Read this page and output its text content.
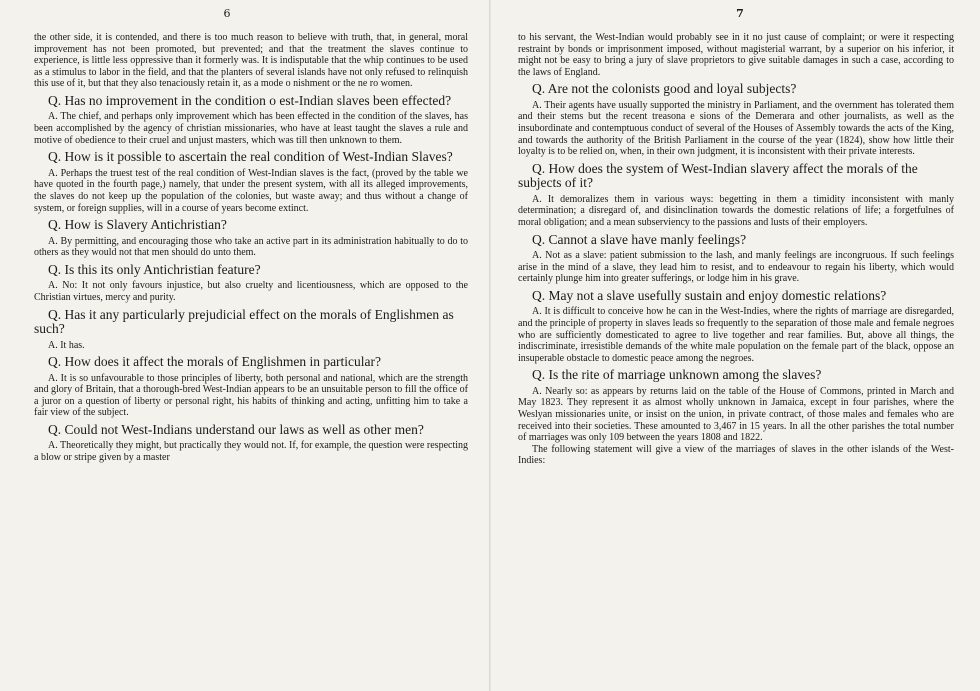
6

the other side, it is contended, and there is too much reason to believe with truth, that, in general, moral improvement has not been promoted, but prevented; and that the treatment the slaves continue to experience, is little less oppressive than it formerly was. It is indisputable that the whip continues to be used as a stimulus to labor in the field, and that the planters of several islands have not only refused to relinquish this use of it, but that they also tenaciously retain it, as a mode o nishment or the ne ro women.

Q. Has no improvement in the condition o est-Indian slaves been effected?

A. The chief, and perhaps only improvement which has been effected in the condition of the slaves, has been accomplished by the agency of christian missionaries, who have at least taught the slaves a rule and motive of obedience to their cruel and unjust masters, which was till then unknown to them.

Q. How is it possible to ascertain the real condition of West-Indian Slaves?

A. Perhaps the truest test of the real condition of West-Indian slaves is the fact, (proved by the table we have quoted in the fourth page,) namely, that under the present system, with all its alleged improvements, the slaves do not keep up the population of the colonies, but waste away; and thus without a change of system, or foreign supplies, will in a course of years become extinct.

Q. How is Slavery Antichristian?

A. By permitting, and encouraging those who take an active part in its administration habitually to do to others as they would not that men should do unto them.

Q. Is this its only Antichristian feature?

A. No: It not only favours injustice, but also cruelty and licentiousness, which are opposed to the Christian virtues, mercy and purity.

Q. Has it any particularly prejudicial effect on the morals of Englishmen as such?

A. It has.

Q. How does it affect the morals of Englishmen in particular?

A. It is so unfavourable to those principles of liberty, both personal and national, which are the strength and glory of Britain, that a thorough-bred West-Indian appears to be an unsuitable person to fill the office of a juror on a question of liberty or personal right, his habits of thinking and acting, unfitting him to take a fair view of the subject.

Q. Could not West-Indians understand our laws as well as other men?

A. Theoretically they might, but practically they would not. If, for example, the question were respecting a blow or stripe given by a master

7

to his servant, the West-Indian would probably see in it no just cause of complaint; or were it respecting restraint by bonds or imprisonment imposed, without magisterial warrant, by a superior on his inferior, it might not be easy to bring a jury of slave proprietors to give suitable damages in such a case, according to the laws of England.

Q. Are not the colonists good and loyal subjects?

A. Their agents have usually supported the ministry in Parliament, and the overnment has tolerated them and their stems but the recent treasona e sions of the Demerara and other journalists, as well as the insubordinate and contemptuous conduct of several of the Houses of Assembly towards the acts of the King, and towards the authority of the British Parliament in the course of the year (1824), show how little their loyalty is to be relied on, when, in their own judgment, it is inconsistent with their private interests.

Q. How does the system of West-Indian slavery affect the morals of the subjects of it?

A. It demoralizes them in various ways: begetting in them a timidity inconsistent with manly determination; a disregard of, and disinclination towards the domestic relations of life; a forgetfulnes of moral obligation; and a mean subserviency to the passions and lusts of their employers.

Q. Cannot a slave have manly feelings?

A. Not as a slave: patient submission to the lash, and manly feelings are incongruous. If such feelings arise in the mind of a slave, they lead him to resist, and to endeavour to regain his liberty, which would certainly plunge him into greater sufferings, or lodge him in his grave.

Q. May not a slave usefully sustain and enjoy domestic relations?

A. It is difficult to conceive how he can in the West-Indies, where the rights of marriage are disregarded, and the principle of property in slaves leads so frequently to the separation of those male and female negroes who are sufficiently domesticated to agree to live together and rear families. But, above all things, the indiscriminate, irresistible demands of the white male population on the female part of the black, oppose an insuperable obstacle to domestic peace among the negroes.

Q. Is the rite of marriage unknown among the slaves?

A. Nearly so: as appears by returns laid on the table of the House of Commons, printed in March and May 1823. They represent it as almost wholly unknown in Jamaica, except in four parishes, where the Weslyan missionaries unite, or insist on the union, in private contract, of those males and females who are received into their societies. These amounted to 3,467 in 15 years. In all the other parishes the total number of marriages was only 109 between the years 1808 and 1822.

The following statement will give a view of the marriages of slaves in the other islands of the West-Indies:
